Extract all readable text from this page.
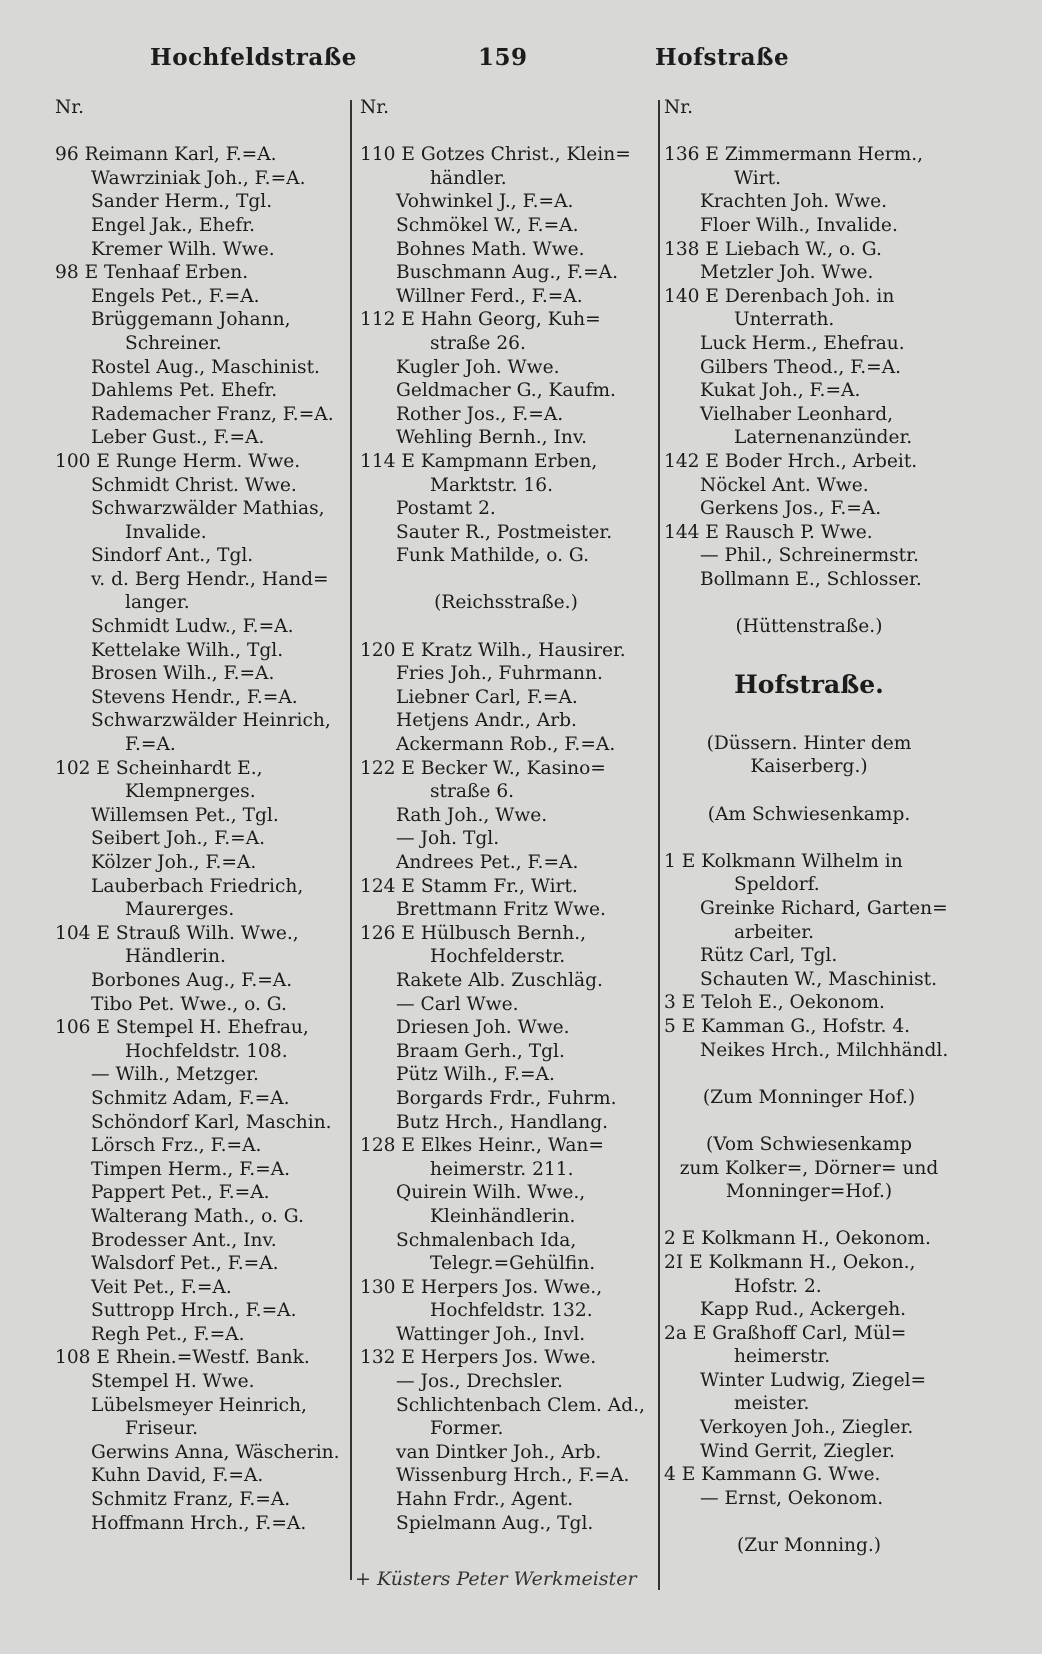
Hochfeldstraße	159	Hofstraße
Nr.
96 Reimann Karl, F.=A.
Wawrziniak Joh., F.=A.
Sander Herm., Tgl.
Engel Jak., Ehefr.
Kremer Wilh. Wwe.
98 E Tenhaaf Erben.
Engels Pet., F.=A.
Brüggemann Johann,
Schreiner.
Rostel Aug., Maschinist.
Dahlems Pet. Ehefr.
Rademacher Franz, F.=A.
Leber Gust., F.=A.
100 E Runge Herm. Wwe.
Schmidt Christ. Wwe.
Schwarzwälder Mathias,
Invalide.
Sindorf Ant., Tgl.
v. d. Berg Hendr., Hand=
langer.
Schmidt Ludw., F.=A.
Kettelake Wilh., Tgl.
Brosen Wilh., F.=A.
Stevens Hendr., F.=A.
Schwarzwälder Heinrich,
F.=A.
102 E Scheinhardt E.,
Klempnerges.
Willemsen Pet., Tgl.
Seibert Joh., F.=A.
Kölzer Joh., F.=A.
Lauberbach Friedrich,
Maurerges.
104 E Strauß Wilh. Wwe.,
Händlerin.
Borbones Aug., F.=A.
Tibo Pet. Wwe., o. G.
106 E Stempel H. Ehefrau,
Hochfeldstr. 108.
— Wilh., Metzger.
Schmitz Adam, F.=A.
Schöndorf Karl, Maschin.
Lörsch Frz., F.=A.
Timpen Herm., F.=A.
Pappert Pet., F.=A.
Walterang Math., o. G.
Brodesser Ant., Inv.
Walsdorf Pet., F.=A.
Veit Pet., F.=A.
Suttropp Hrch., F.=A.
Regh Pet., F.=A.
108 E Rhein.=Westf. Bank.
Stempel H. Wwe.
Lübelsmeyer Heinrich,
Friseur.
Gerwins Anna, Wäscherin.
Kuhn David, F.=A.
Schmitz Franz, F.=A.
Hoffmann Hrch., F.=A.
Nr.
110 E Gotzes Christ., Klein=
händler.
Vohwinkel J., F.=A.
Schmökel W., F.=A.
Bohnes Math. Wwe.
Buschmann Aug., F.=A.
Willner Ferd., F.=A.
112 E Hahn Georg, Kuh=
straße 26.
Kugler Joh. Wwe.
Geldmacher G., Kaufm.
Rother Jos., F.=A.
Wehling Bernh., Inv.
114 E Kampmann Erben,
Marktstr. 16.
Postamt 2.
Sauter R., Postmeister.
Funk Mathilde, o. G.
(Reichsstraße.)
120 E Kratz Wilh., Hausirer.
Fries Joh., Fuhrmann.
Liebner Carl, F.=A.
Hetjens Andr., Arb.
Ackermann Rob., F.=A.
122 E Becker W., Kasino=
straße 6.
Rath Joh., Wwe.
— Joh. Tgl.
Andrees Pet., F.=A.
124 E Stamm Fr., Wirt.
Brettmann Fritz Wwe.
126 E Hülbusch Bernh.,
Hochfelderstr.
Rakete Alb. Zuschläg.
— Carl Wwe.
Driesen Joh. Wwe.
Braam Gerh., Tgl.
Pütz Wilh., F.=A.
Borgards Frdr., Fuhrm.
Butz Hrch., Handlang.
128 E Elkes Heinr., Wan=
heimerstr. 211.
Quirein Wilh. Wwe.,
Kleinhändlerin.
Schmalenbach Ida,
Telegr.=Gehülfin.
130 E Herpers Jos. Wwe.,
Hochfeldstr. 132.
Wattinger Joh., Invl.
132 E Herpers Jos. Wwe.
— Jos., Drechsler.
Schlichtenbach Clem. Ad.,
Former.
van Dintker Joh., Arb.
Wissenburg Hrch., F.=A.
Hahn Frdr., Agent.
Spielmann Aug., Tgl.
Nr.
136 E Zimmermann Herm.,
Wirt.
Krachten Joh. Wwe.
Floer Wilh., Invalide.
138 E Liebach W., o. G.
Metzler Joh. Wwe.
140 E Derenbach Joh. in
Unterrath.
Luck Herm., Ehefrau.
Gilbers Theod., F.=A.
Kukat Joh., F.=A.
Vielhaber Leonhard,
Laternenanzünder.
142 E Boder Hrch., Arbeit.
Nöckel Ant. Wwe.
Gerkens Jos., F.=A.
144 E Rausch P. Wwe.
— Phil., Schreinermstr.
Bollmann E., Schlosser.
(Hüttenstraße.)
Hofstraße.
(Düssern. Hinter dem
Kaiserberg.)
(Am Schwiesenkamp.
1 E Kolkmann Wilhelm in
Speldorf.
Greinke Richard, Garten=
arbeiter.
Rütz Carl, Tgl.
Schauten W., Maschinist.
3 E Teloh E., Oekonom.
5 E Kamman G., Hofstr. 4.
Neikes Hrch., Milchhändl.
(Zum Monninger Hof.)
(Vom Schwiesenkamp
zum Kolker=, Dörner= und
Monninger=Hof.)
2 E Kolkmann H., Oekonom.
2I E Kolkmann H., Oekon.,
Hofstr. 2.
Kapp Rud., Ackergeh.
2a E Graßhoff Carl, Mül=
heimerstr.
Winter Ludwig, Ziegel=
meister.
Verkoyen Joh., Ziegler.
Wind Gerrit, Ziegler.
4 E Kammann G. Wwe.
— Ernst, Oekonom.
(Zur Monning.)
+ Küsters Peter Werkmeister
